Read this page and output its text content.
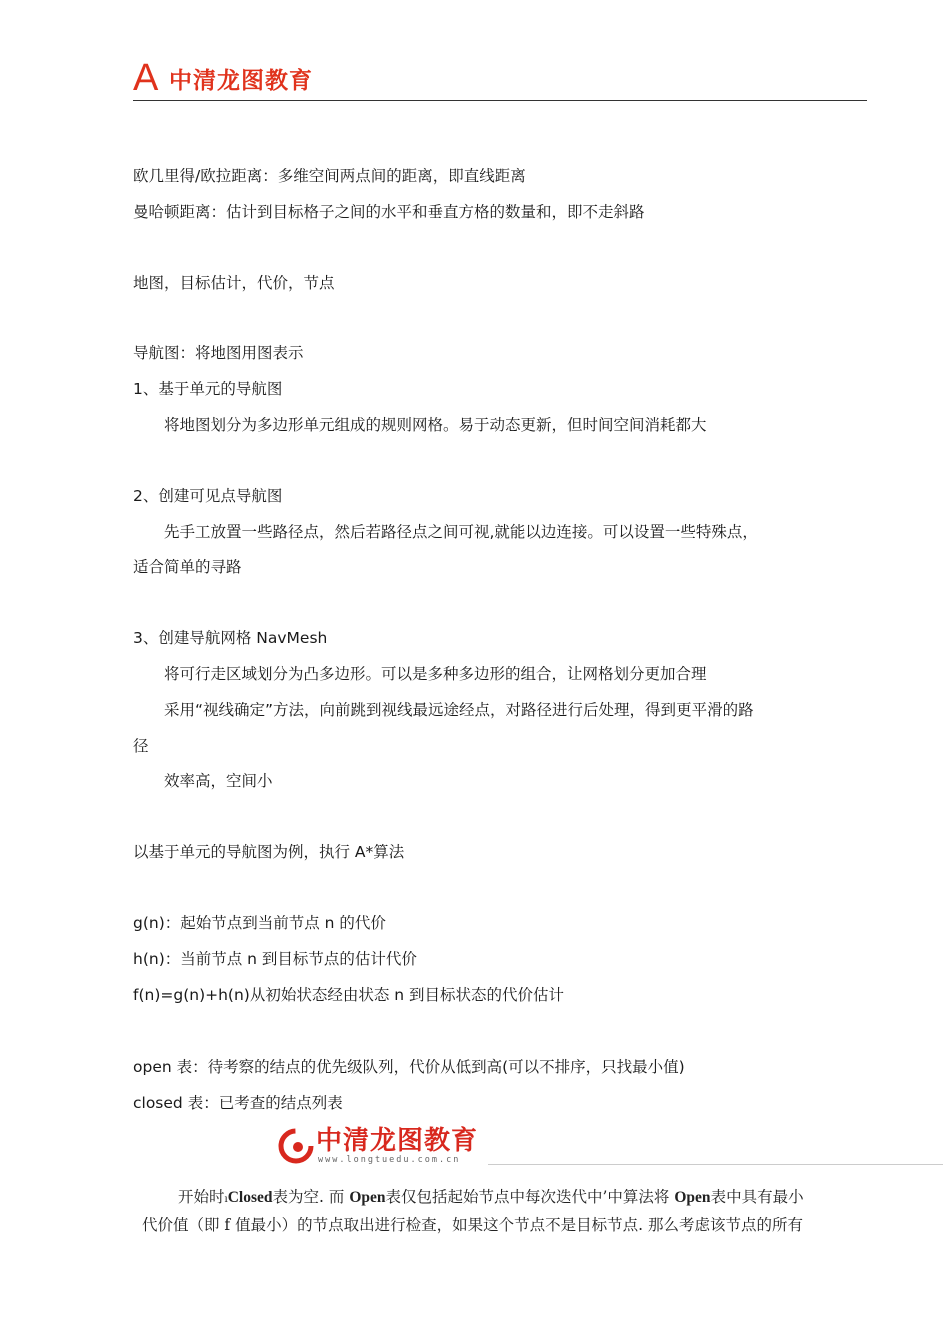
A 中清龙图教育
欧几里得/欧拉距离：多维空间两点间的距离，即直线距离
曼哈顿距离：估计到目标格子之间的水平和垂直方格的数量和，即不走斜路
地图，目标估计，代价，节点
导航图：将地图用图表示
1、基于单元的导航图
将地图划分为多边形单元组成的规则网格。易于动态更新，但时间空间消耗都大
2、创建可见点导航图
先手工放置一些路径点，然后若路径点之间可视,就能以边连接。可以设置一些特殊点，
适合简单的寻路
3、创建导航网格 NavMesh
将可行走区域划分为凸多边形。可以是多种多边形的组合，让网格划分更加合理
采用“视线确定”方法，向前跳到视线最远途经点，对路径进行后处理，得到更平滑的路
径
效率高，空间小
以基于单元的导航图为例，执行 A*算法
g(n)：起始节点到当前节点 n 的代价
h(n)：当前节点 n 到目标节点的估计代价
f(n)=g(n)+h(n)从初始状态经由状态 n 到目标状态的代价估计
open 表：待考察的结点的优先级队列，代价从低到高(可以不排序，只找最小值)
closed 表：已考查的结点列表
中清龙图教育
www.longtuedu.com.cn
开始时ıClosed表为空. 而 Open表仅包括起始节点中每次迭代中’中算法将 Open表中具有最小
代价值（即 f 值最小）的节点取出进行检查，如果这个节点不是目标节点. 那么考虑该节点的所有
